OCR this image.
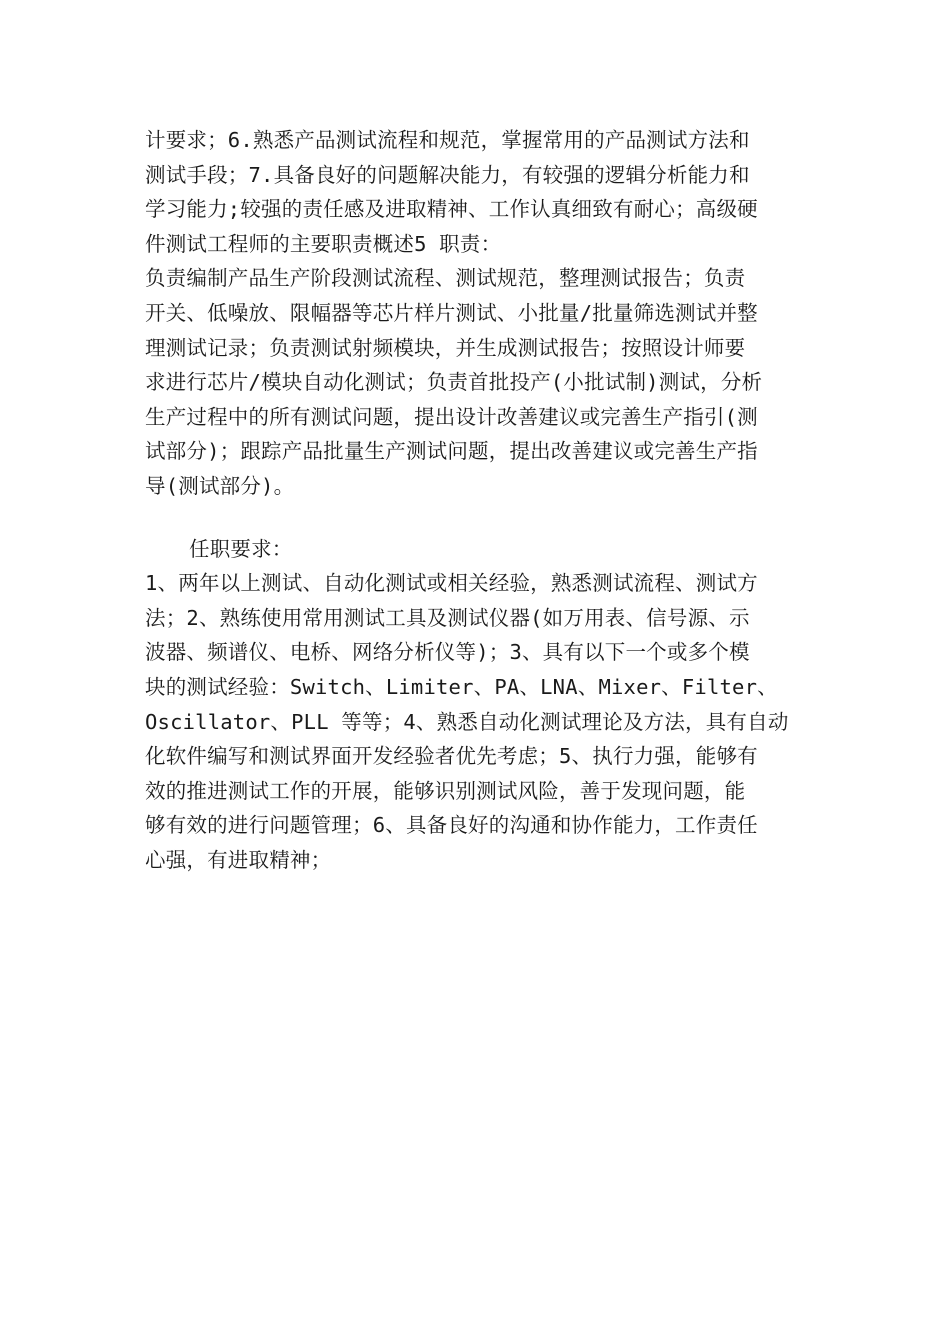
计要求；6.熟悉产品测试流程和规范，掌握常用的产品测试方法和
测试手段；7.具备良好的问题解决能力，有较强的逻辑分析能力和
学习能力;较强的责任感及进取精神、工作认真细致有耐心；高级硬
件测试工程师的主要职责概述5 职责：
负责编制产品生产阶段测试流程、测试规范，整理测试报告；负责
开关、低噪放、限幅器等芯片样片测试、小批量/批量筛选测试并整
理测试记录；负责测试射频模块，并生成测试报告；按照设计师要
求进行芯片/模块自动化测试；负责首批投产(小批试制)测试，分析
生产过程中的所有测试问题，提出设计改善建议或完善生产指引(测
试部分)；跟踪产品批量生产测试问题，提出改善建议或完善生产指
导(测试部分)。
任职要求：
1、两年以上测试、自动化测试或相关经验，熟悉测试流程、测试方
法；2、熟练使用常用测试工具及测试仪器(如万用表、信号源、示
波器、频谱仪、电桥、网络分析仪等)；3、具有以下一个或多个模
块的测试经验：Switch、Limiter、PA、LNA、Mixer、Filter、
Oscillator、PLL 等等；4、熟悉自动化测试理论及方法，具有自动
化软件编写和测试界面开发经验者优先考虑；5、执行力强，能够有
效的推进测试工作的开展，能够识别测试风险，善于发现问题，能
够有效的进行问题管理；6、具备良好的沟通和协作能力，工作责任
心强，有进取精神；
